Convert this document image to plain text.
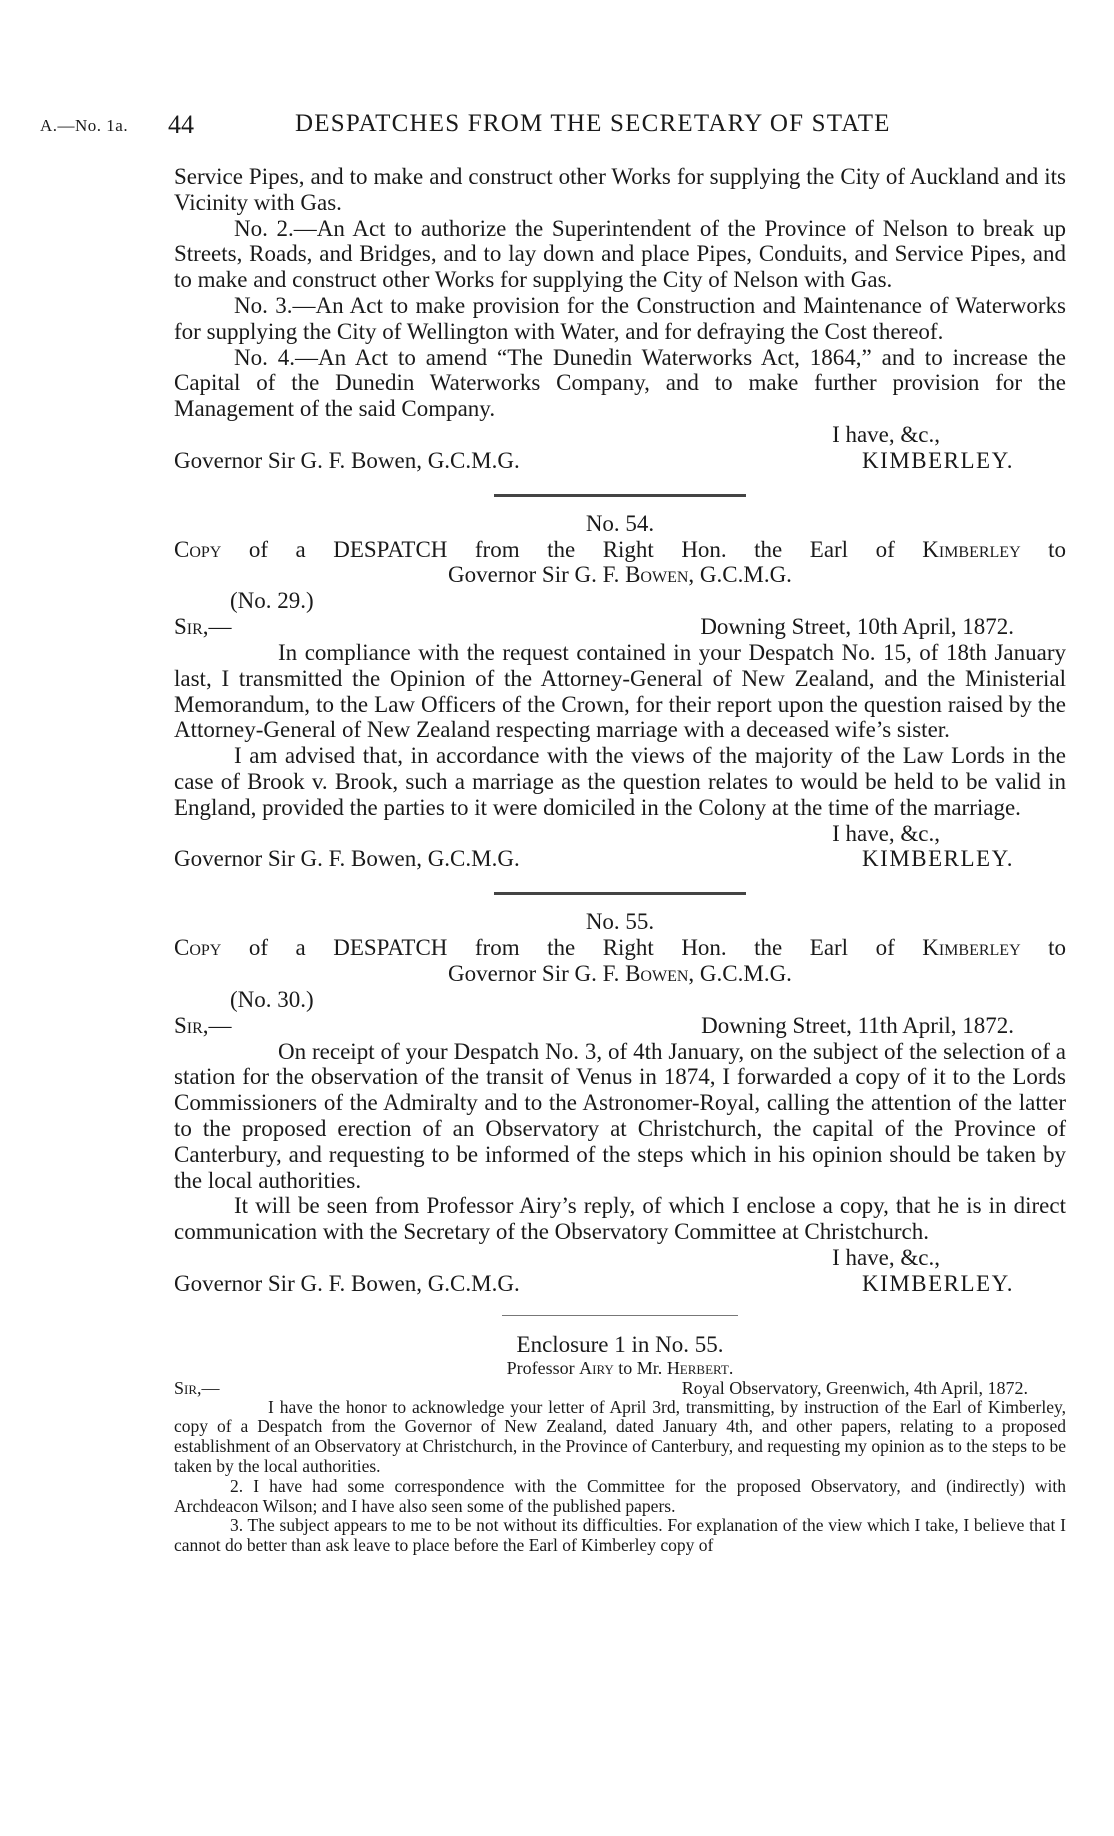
A.—No. 1a. 44	DESPATCHES FROM THE SECRETARY OF STATE

Service Pipes, and to make and construct other Works for supplying the City of Auckland and its Vicinity with Gas.

No. 2.—An Act to authorize the Superintendent of the Province of Nelson to break up Streets, Roads, and Bridges, and to lay down and place Pipes, Conduits, and Service Pipes, and to make and construct other Works for supplying the City of Nelson with Gas.

No. 3.—An Act to make provision for the Construction and Maintenance of Waterworks for supplying the City of Wellington with Water, and for defraying the Cost thereof.

No. 4.—An Act to amend “The Dunedin Waterworks Act, 1864,” and to increase the Capital of the Dunedin Waterworks Company, and to make further provision for the Management of the said Company.

I have, &c.,
Governor Sir G. F. Bowen, G.C.M.G.	KIMBERLEY.
No. 54.
Copy of a DESPATCH from the Right Hon. the Earl of Kimberley to
Governor Sir G. F. Bowen, G.C.M.G.
(No. 29.)
Sir,—	Downing Street, 10th April, 1872.

In compliance with the request contained in your Despatch No. 15, of 18th January last, I transmitted the Opinion of the Attorney-General of New Zealand, and the Ministerial Memorandum, to the Law Officers of the Crown, for their report upon the question raised by the Attorney-General of New Zealand respecting marriage with a deceased wife’s sister.

I am advised that, in accordance with the views of the majority of the Law Lords in the case of Brook v. Brook, such a marriage as the question relates to would be held to be valid in England, provided the parties to it were domiciled in the Colony at the time of the marriage.

I have, &c.,
Governor Sir G. F. Bowen, G.C.M.G.	KIMBERLEY.
No. 55.
Copy of a DESPATCH from the Right Hon. the Earl of Kimberley to
Governor Sir G. F. Bowen, G.C.M.G.
(No. 30.)
Sir,—	Downing Street, 11th April, 1872.

On receipt of your Despatch No. 3, of 4th January, on the subject of the selection of a station for the observation of the transit of Venus in 1874, I forwarded a copy of it to the Lords Commissioners of the Admiralty and to the Astronomer-Royal, calling the attention of the latter to the proposed erection of an Observatory at Christchurch, the capital of the Province of Canterbury, and requesting to be informed of the steps which in his opinion should be taken by the local authorities.

It will be seen from Professor Airy’s reply, of which I enclose a copy, that he is in direct communication with the Secretary of the Observatory Committee at Christchurch.

I have, &c.,
Governor Sir G. F. Bowen, G.C.M.G.	KIMBERLEY.
Enclosure 1 in No. 55.
Professor Airy to Mr. Herbert.
Sir,—	Royal Observatory, Greenwich, 4th April, 1872.

I have the honor to acknowledge your letter of April 3rd, transmitting, by instruction of the Earl of Kimberley, copy of a Despatch from the Governor of New Zealand, dated January 4th, and other papers, relating to a proposed establishment of an Observatory at Christchurch, in the Province of Canterbury, and requesting my opinion as to the steps to be taken by the local authorities.

2. I have had some correspondence with the Committee for the proposed Observatory, and (indirectly) with Archdeacon Wilson; and I have also seen some of the published papers.

3. The subject appears to me to be not without its difficulties. For explanation of the view which I take, I believe that I cannot do better than ask leave to place before the Earl of Kimberley copy of
